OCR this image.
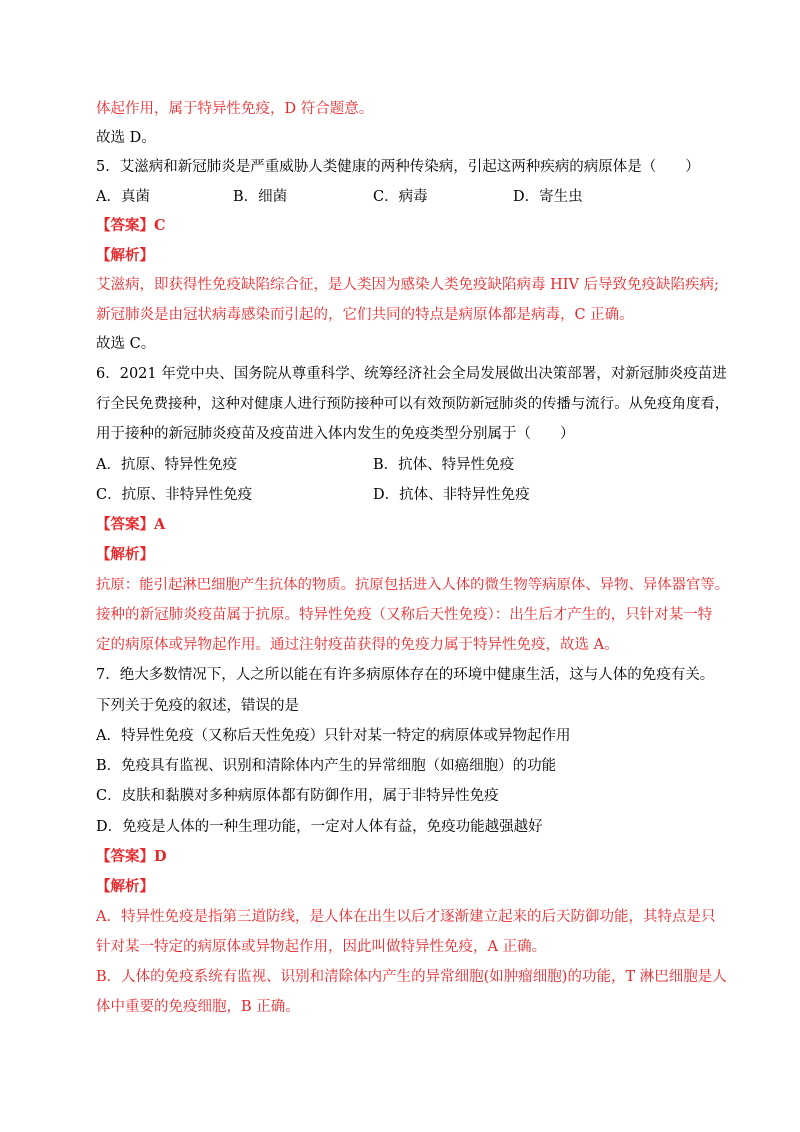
体起作用，属于特异性免疫，D 符合题意。
故选 D。
5．艾滋病和新冠肺炎是严重威胁人类健康的两种传染病，引起这两种疾病的病原体是（　　）
A．真菌	B．细菌	C．病毒	D．寄生虫
【答案】C
【解析】
艾滋病，即获得性免疫缺陷综合征，是人类因为感染人类免疫缺陷病毒 HIV 后导致免疫缺陷疾病;
新冠肺炎是由冠状病毒感染而引起的，它们共同的特点是病原体都是病毒，C 正确。
故选 C。
6．2021 年党中央、国务院从尊重科学、统筹经济社会全局发展做出决策部署，对新冠肺炎疫苗进
行全民免费接种，这种对健康人进行预防接种可以有效预防新冠肺炎的传播与流行。从免疫角度看，
用于接种的新冠肺炎疫苗及疫苗进入体内发生的免疫类型分别属于（　　）
A．抗原、特异性免疫	B．抗体、特异性免疫
C．抗原、非特异性免疫	D．抗体、非特异性免疫
【答案】A
【解析】
抗原：能引起淋巴细胞产生抗体的物质。抗原包括进入人体的微生物等病原体、异物、异体器官等。
接种的新冠肺炎疫苗属于抗原。特异性免疫（又称后天性免疫）：出生后才产生的，只针对某一特
定的病原体或异物起作用。通过注射疫苗获得的免疫力属于特异性免疫，故选 A。
7．绝大多数情况下，人之所以能在有许多病原体存在的环境中健康生活，这与人体的免疫有关。
下列关于免疫的叙述，错误的是
A．特异性免疫（又称后天性免疫）只针对某一特定的病原体或异物起作用
B．免疫具有监视、识别和清除体内产生的异常细胞（如癌细胞）的功能
C．皮肤和黏膜对多种病原体都有防御作用，属于非特异性免疫
D．免疫是人体的一种生理功能，一定对人体有益，免疫功能越强越好
【答案】D
【解析】
A．特异性免疫是指第三道防线，是人体在出生以后才逐渐建立起来的后天防御功能，其特点是只
针对某一特定的病原体或异物起作用，因此叫做特异性免疫，A 正确。
B．人体的免疫系统有监视、识别和清除体内产生的异常细胞(如肿瘤细胞)的功能，T 淋巴细胞是人
体中重要的免疫细胞，B 正确。
